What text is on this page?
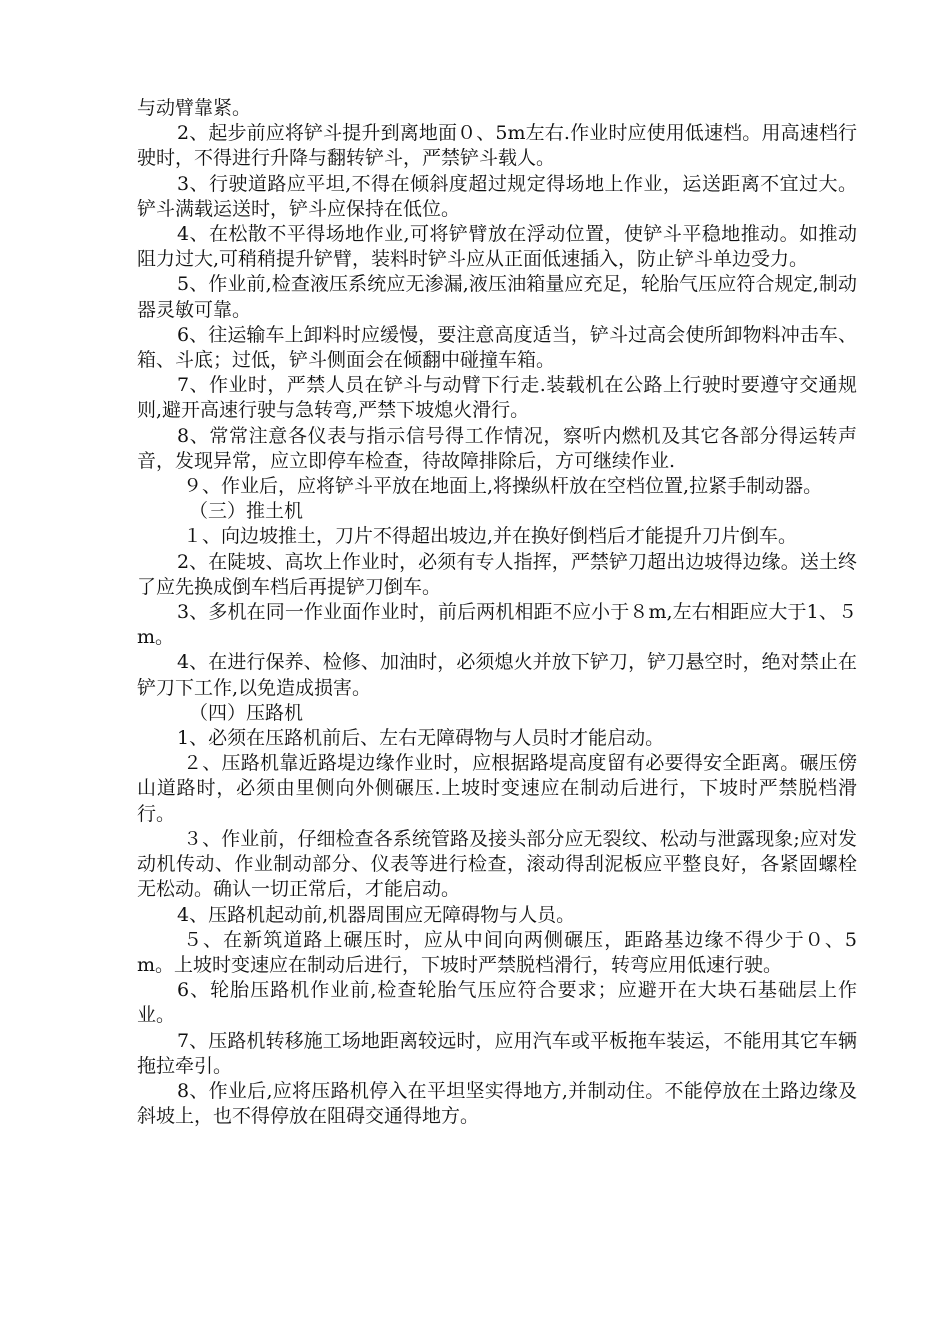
与动臂靠紧。

2、起步前应将铲斗提升到离地面０、5m左右.作业时应使用低速档。用高速档行驶时，不得进行升降与翻转铲斗，严禁铲斗载人。

3、行驶道路应平坦,不得在倾斜度超过规定得场地上作业，运送距离不宜过大。铲斗满载运送时，铲斗应保持在低位。

4、在松散不平得场地作业,可将铲臂放在浮动位置，使铲斗平稳地推动。如推动阻力过大,可稍稍提升铲臂，装料时铲斗应从正面低速插入，防止铲斗单边受力。

5、作业前,检查液压系统应无渗漏,液压油箱量应充足，轮胎气压应符合规定,制动器灵敏可靠。

6、往运输车上卸料时应缓慢，要注意高度适当，铲斗过高会使所卸物料冲击车、箱、斗底；过低，铲斗侧面会在倾翻中碰撞车箱。

7、作业时，严禁人员在铲斗与动臂下行走.装载机在公路上行驶时要遵守交通规则,避开高速行驶与急转弯,严禁下坡熄火滑行。

8、常常注意各仪表与指示信号得工作情况，察听内燃机及其它各部分得运转声音，发现异常，应立即停车检查，待故障排除后，方可继续作业.

９、作业后，应将铲斗平放在地面上,将操纵杆放在空档位置,拉紧手制动器。

（三）推土机

１、向边坡推土，刀片不得超出坡边,并在换好倒档后才能提升刀片倒车。

2、在陡坡、高坎上作业时，必须有专人指挥，严禁铲刀超出边坡得边缘。送土终了应先换成倒车档后再提铲刀倒车。

3、多机在同一作业面作业时，前后两机相距不应小于８m,左右相距应大于1、５m。

4、在进行保养、检修、加油时，必须熄火并放下铲刀，铲刀悬空时，绝对禁止在铲刀下工作,以免造成损害。

（四）压路机

1、必须在压路机前后、左右无障碍物与人员时才能启动。

２、压路机靠近路堤边缘作业时，应根据路堤高度留有必要得安全距离。碾压傍山道路时，必须由里侧向外侧碾压.上坡时变速应在制动后进行，下坡时严禁脱档滑行。

３、作业前，仔细检查各系统管路及接头部分应无裂纹、松动与泄露现象;应对发动机传动、作业制动部分、仪表等进行检查，滚动得刮泥板应平整良好，各紧固螺栓无松动。确认一切正常后，才能启动。

4、压路机起动前,机器周围应无障碍物与人员。

５、在新筑道路上碾压时，应从中间向两侧碾压，距路基边缘不得少于０、5m。上坡时变速应在制动后进行，下坡时严禁脱档滑行，转弯应用低速行驶。

6、轮胎压路机作业前,检查轮胎气压应符合要求；应避开在大块石基础层上作业。

7、压路机转移施工场地距离较远时，应用汽车或平板拖车装运，不能用其它车辆拖拉牵引。

8、作业后,应将压路机停入在平坦坚实得地方,并制动住。不能停放在土路边缘及斜坡上，也不得停放在阻碍交通得地方。
